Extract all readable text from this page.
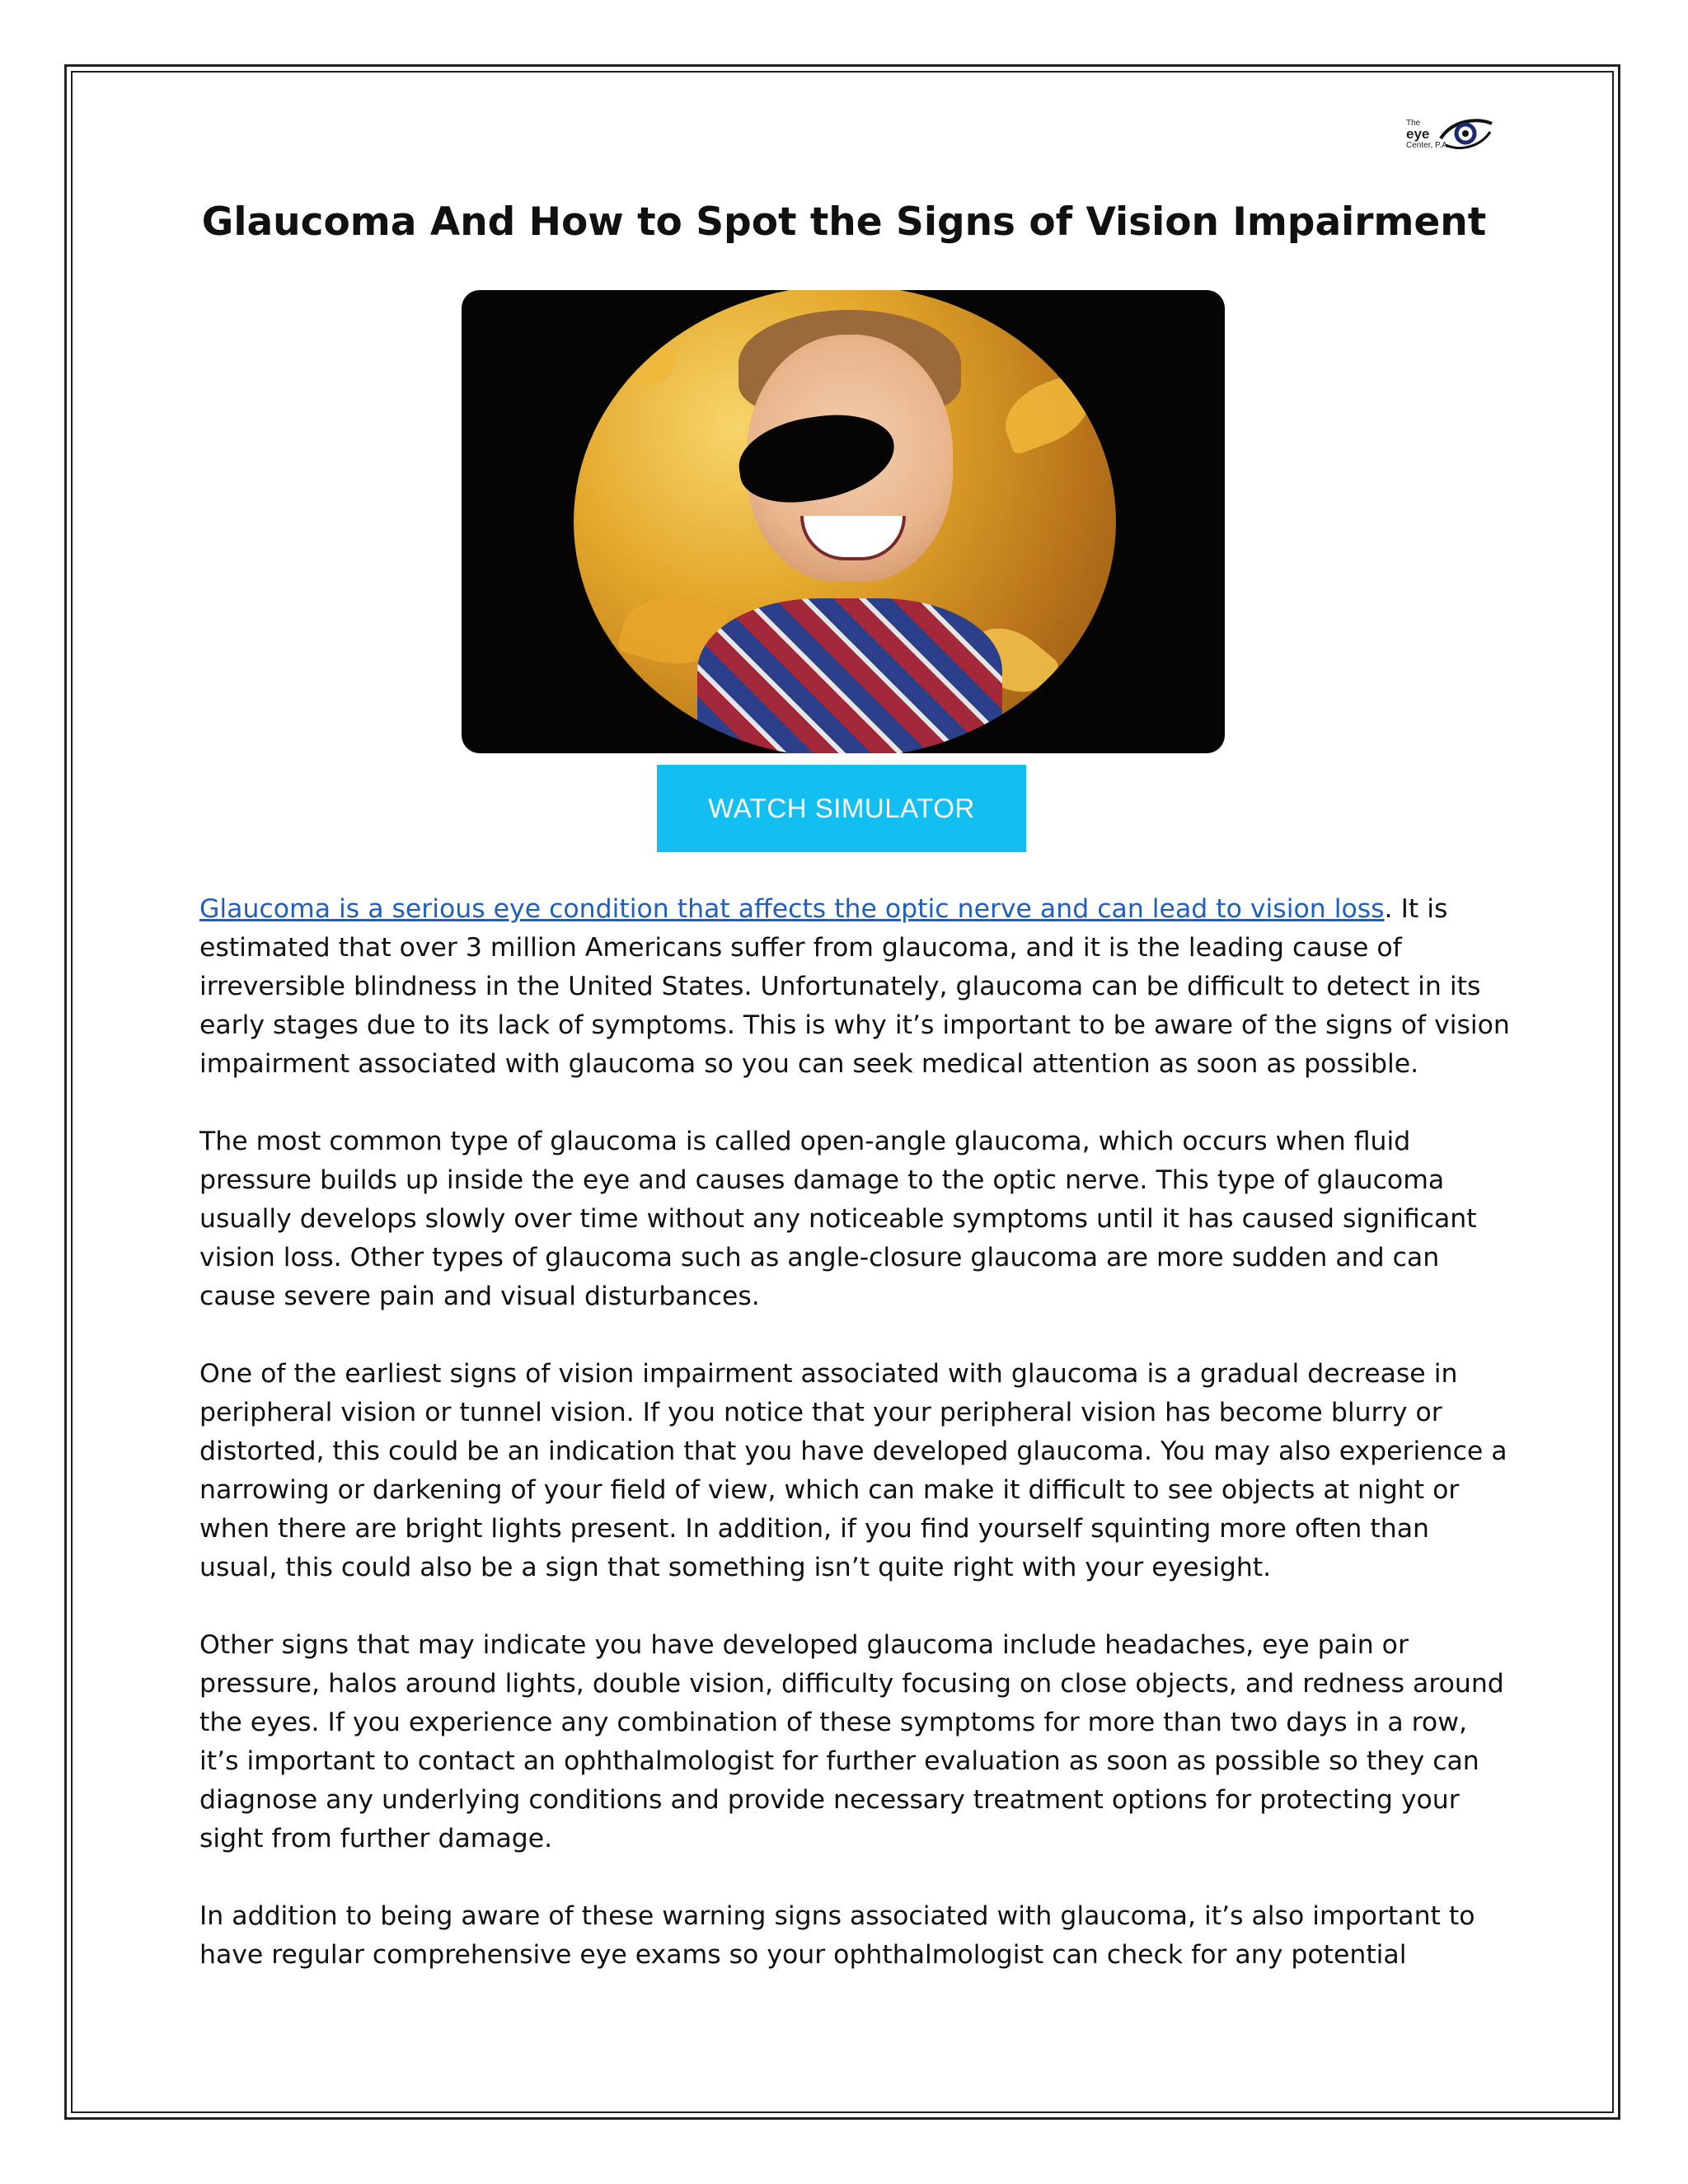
The

eye
Center, P.A.
Glaucoma And How to Spot the Signs of Vision Impairment
WATCH SIMULATOR

Glaucoma is a serious eye condition that affects the optic nerve and can lead to vision loss. It is estimated that over 3 million Americans suffer from glaucoma, and it is the leading cause of irreversible blindness in the United States. Unfortunately, glaucoma can be difficult to detect in its early stages due to its lack of symptoms. This is why it’s important to be aware of the signs of vision impairment associated with glaucoma so you can seek medical attention as soon as possible.

The most common type of glaucoma is called open-angle glaucoma, which occurs when fluid pressure builds up inside the eye and causes damage to the optic nerve. This type of glaucoma usually develops slowly over time without any noticeable symptoms until it has caused significant vision loss. Other types of glaucoma such as angle-closure glaucoma are more sudden and can cause severe pain and visual disturbances.

One of the earliest signs of vision impairment associated with glaucoma is a gradual decrease in peripheral vision or tunnel vision. If you notice that your peripheral vision has become blurry or distorted, this could be an indication that you have developed glaucoma. You may also experience a narrowing or darkening of your field of view, which can make it difficult to see objects at night or when there are bright lights present. In addition, if you find yourself squinting more often than usual, this could also be a sign that something isn’t quite right with your eyesight.

Other signs that may indicate you have developed glaucoma include headaches, eye pain or pressure, halos around lights, double vision, difficulty focusing on close objects, and redness around the eyes. If you experience any combination of these symptoms for more than two days in a row, it’s important to contact an ophthalmologist for further evaluation as soon as possible so they can diagnose any underlying conditions and provide necessary treatment options for protecting your sight from further damage.

In addition to being aware of these warning signs associated with glaucoma, it’s also important to have regular comprehensive eye exams so your ophthalmologist can check for any potential
